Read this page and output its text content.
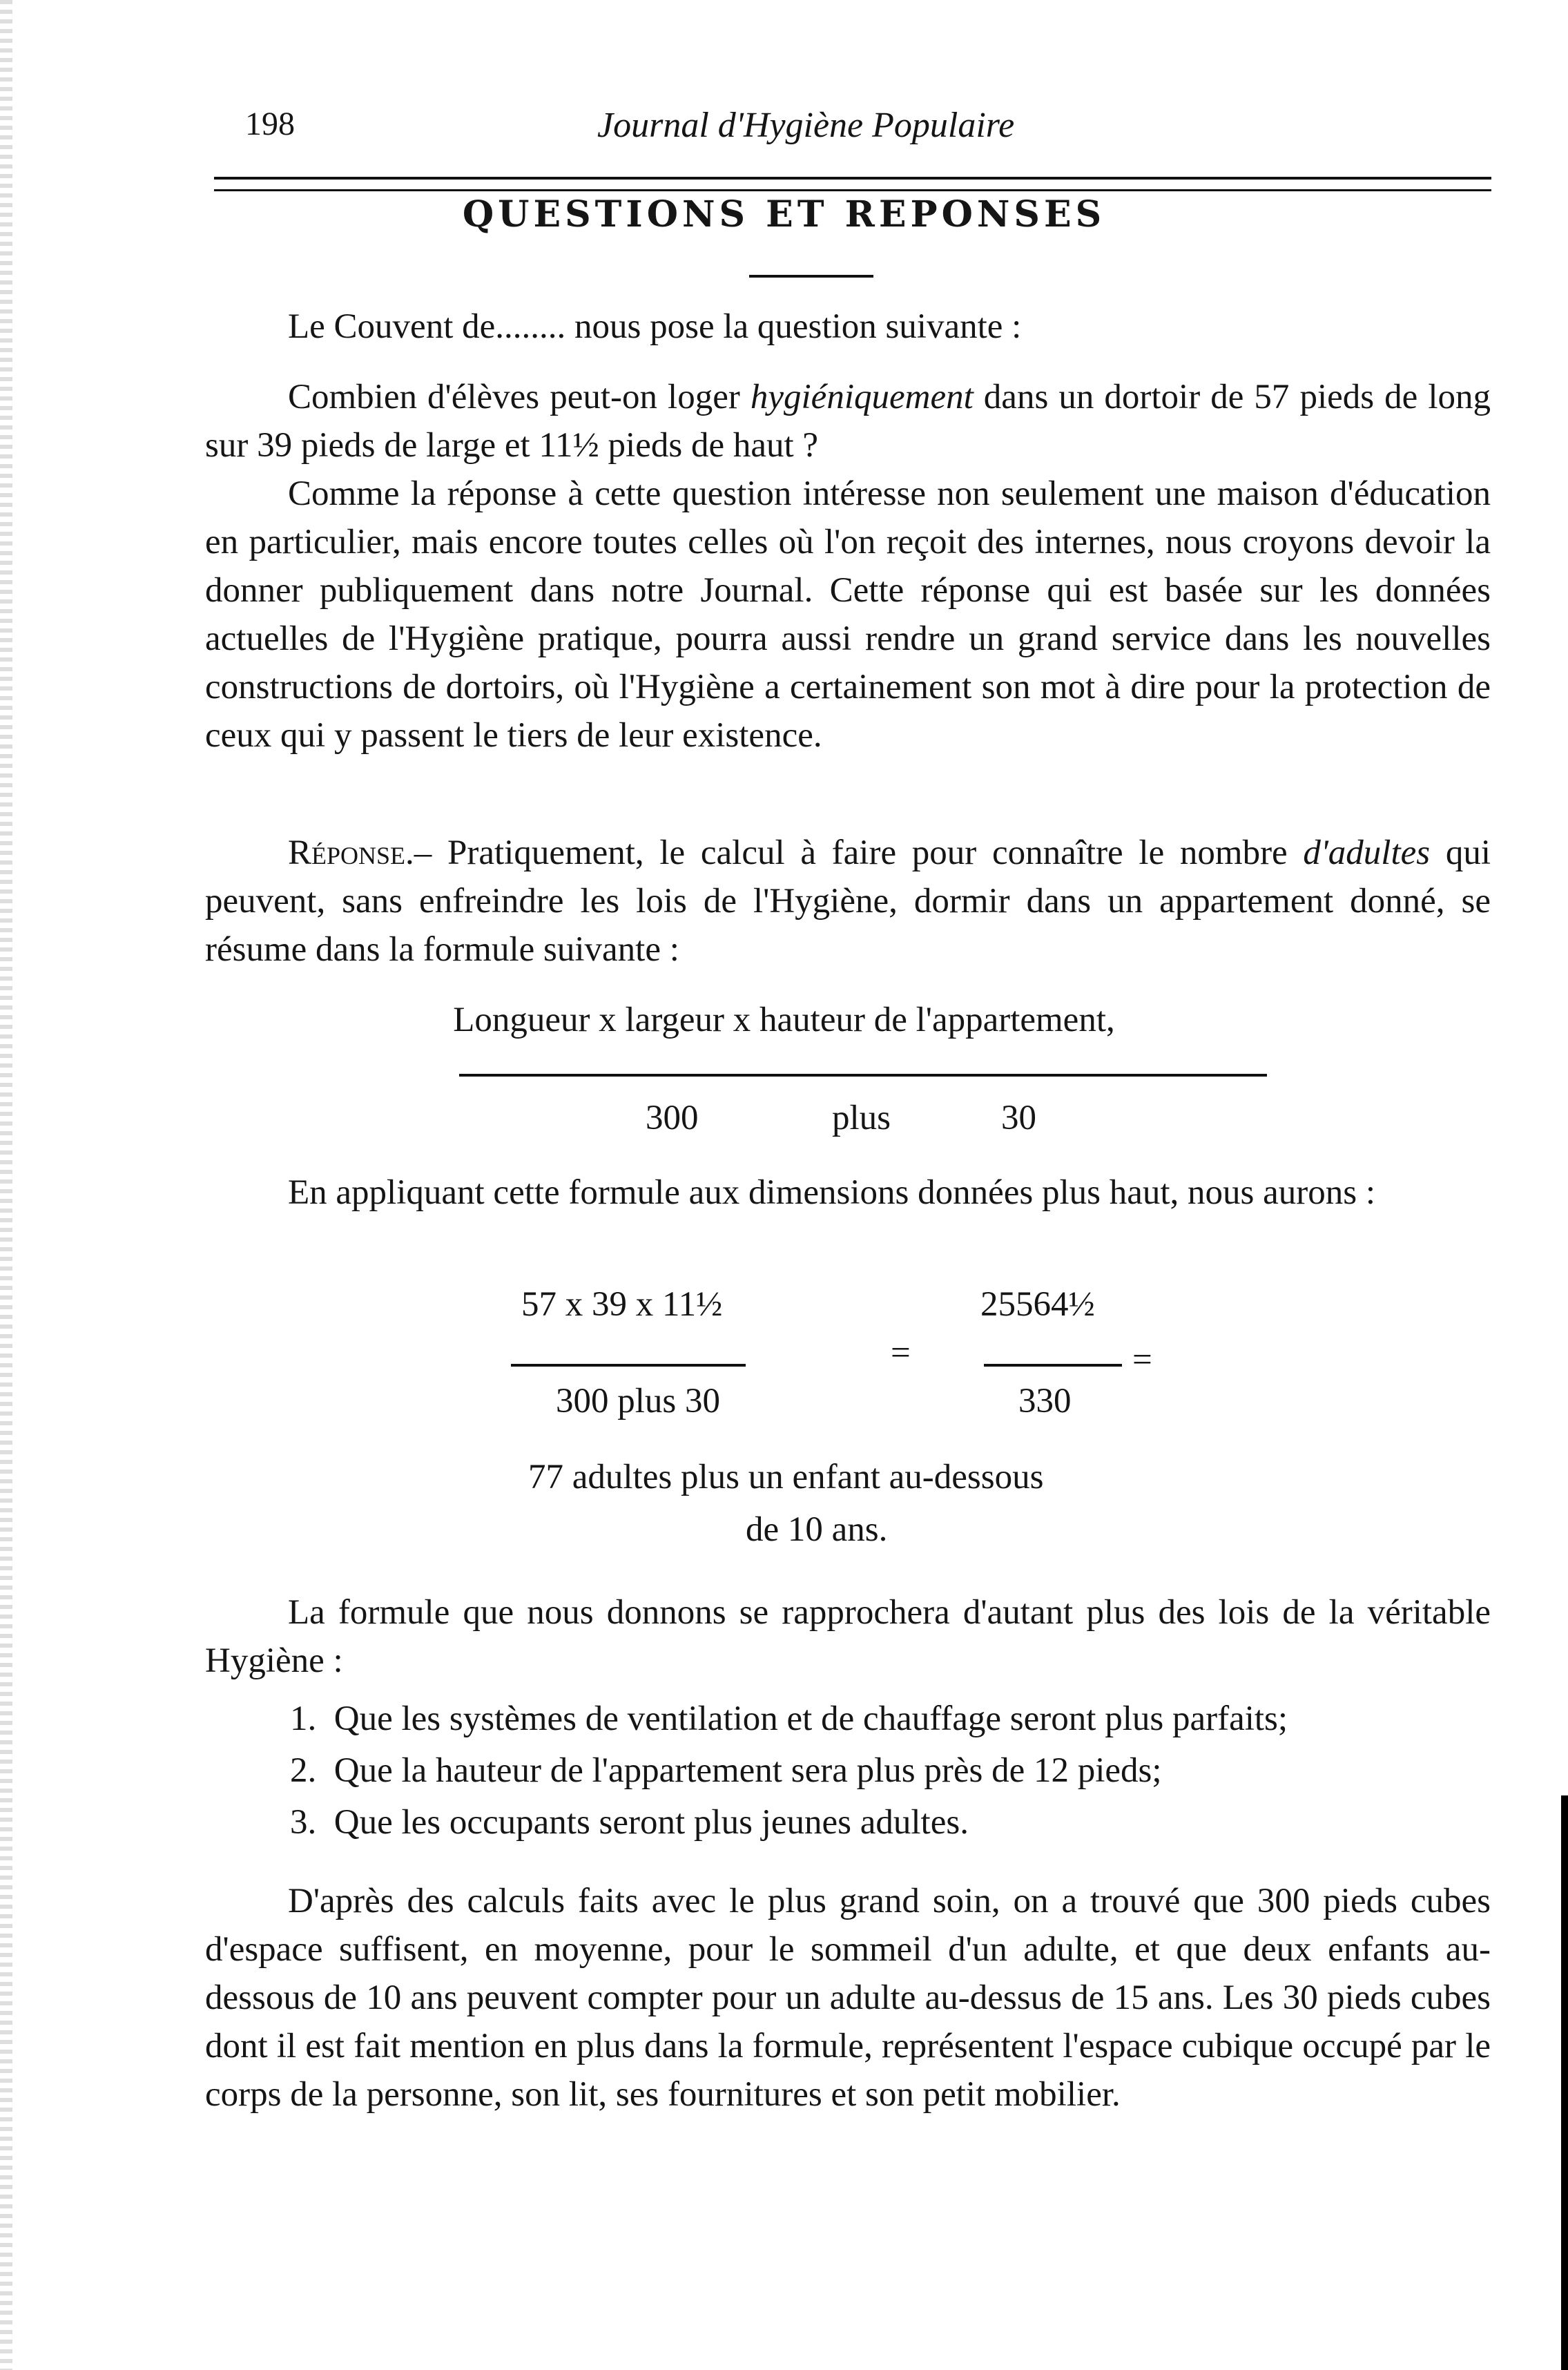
198	Journal d'Hygiène Populaire
QUESTIONS ET REPONSES

Le Couvent de........ nous pose la question suivante :

Combien d'élèves peut-on loger hygiéniquement dans un dortoir de 57 pieds de long sur 39 pieds de large et 11½ pieds de haut ?

Comme la réponse à cette question intéresse non seulement une maison d'éducation en particulier, mais encore toutes celles où l'on reçoit des internes, nous croyons devoir la donner publiquement dans notre Journal. Cette réponse qui est basée sur les données actuelles de l'Hygiène pratique, pourra aussi rendre un grand service dans les nouvelles constructions de dortoirs, où l'Hygiène a certainement son mot à dire pour la protection de ceux qui y passent le tiers de leur existence.

Réponse.– Pratiquement, le calcul à faire pour connaître le nombre d'adultes qui peuvent, sans enfreindre les lois de l'Hygiène, dormir dans un appartement donné, se résume dans la formule suivante :

Longueur x largeur x hauteur de l'appartement,
300	plus	30

En appliquant cette formule aux dimensions données plus haut, nous aurons :

57 x 39 x 11½
300 plus 30
=
25564½
330
=
77 adultes plus un enfant au-dessous
de 10 ans.

La formule que nous donnons se rapprochera d'autant plus des lois de la véritable Hygiène :

1. Que les systèmes de ventilation et de chauffage seront plus parfaits;
2. Que la hauteur de l'appartement sera plus près de 12 pieds;
3. Que les occupants seront plus jeunes adultes.

D'après des calculs faits avec le plus grand soin, on a trouvé que 300 pieds cubes d'espace suffisent, en moyenne, pour le sommeil d'un adulte, et que deux enfants au-dessous de 10 ans peuvent compter pour un adulte au-dessus de 15 ans. Les 30 pieds cubes dont il est fait mention en plus dans la formule, représentent l'espace cubique occupé par le corps de la personne, son lit, ses fournitures et son petit mobilier.
